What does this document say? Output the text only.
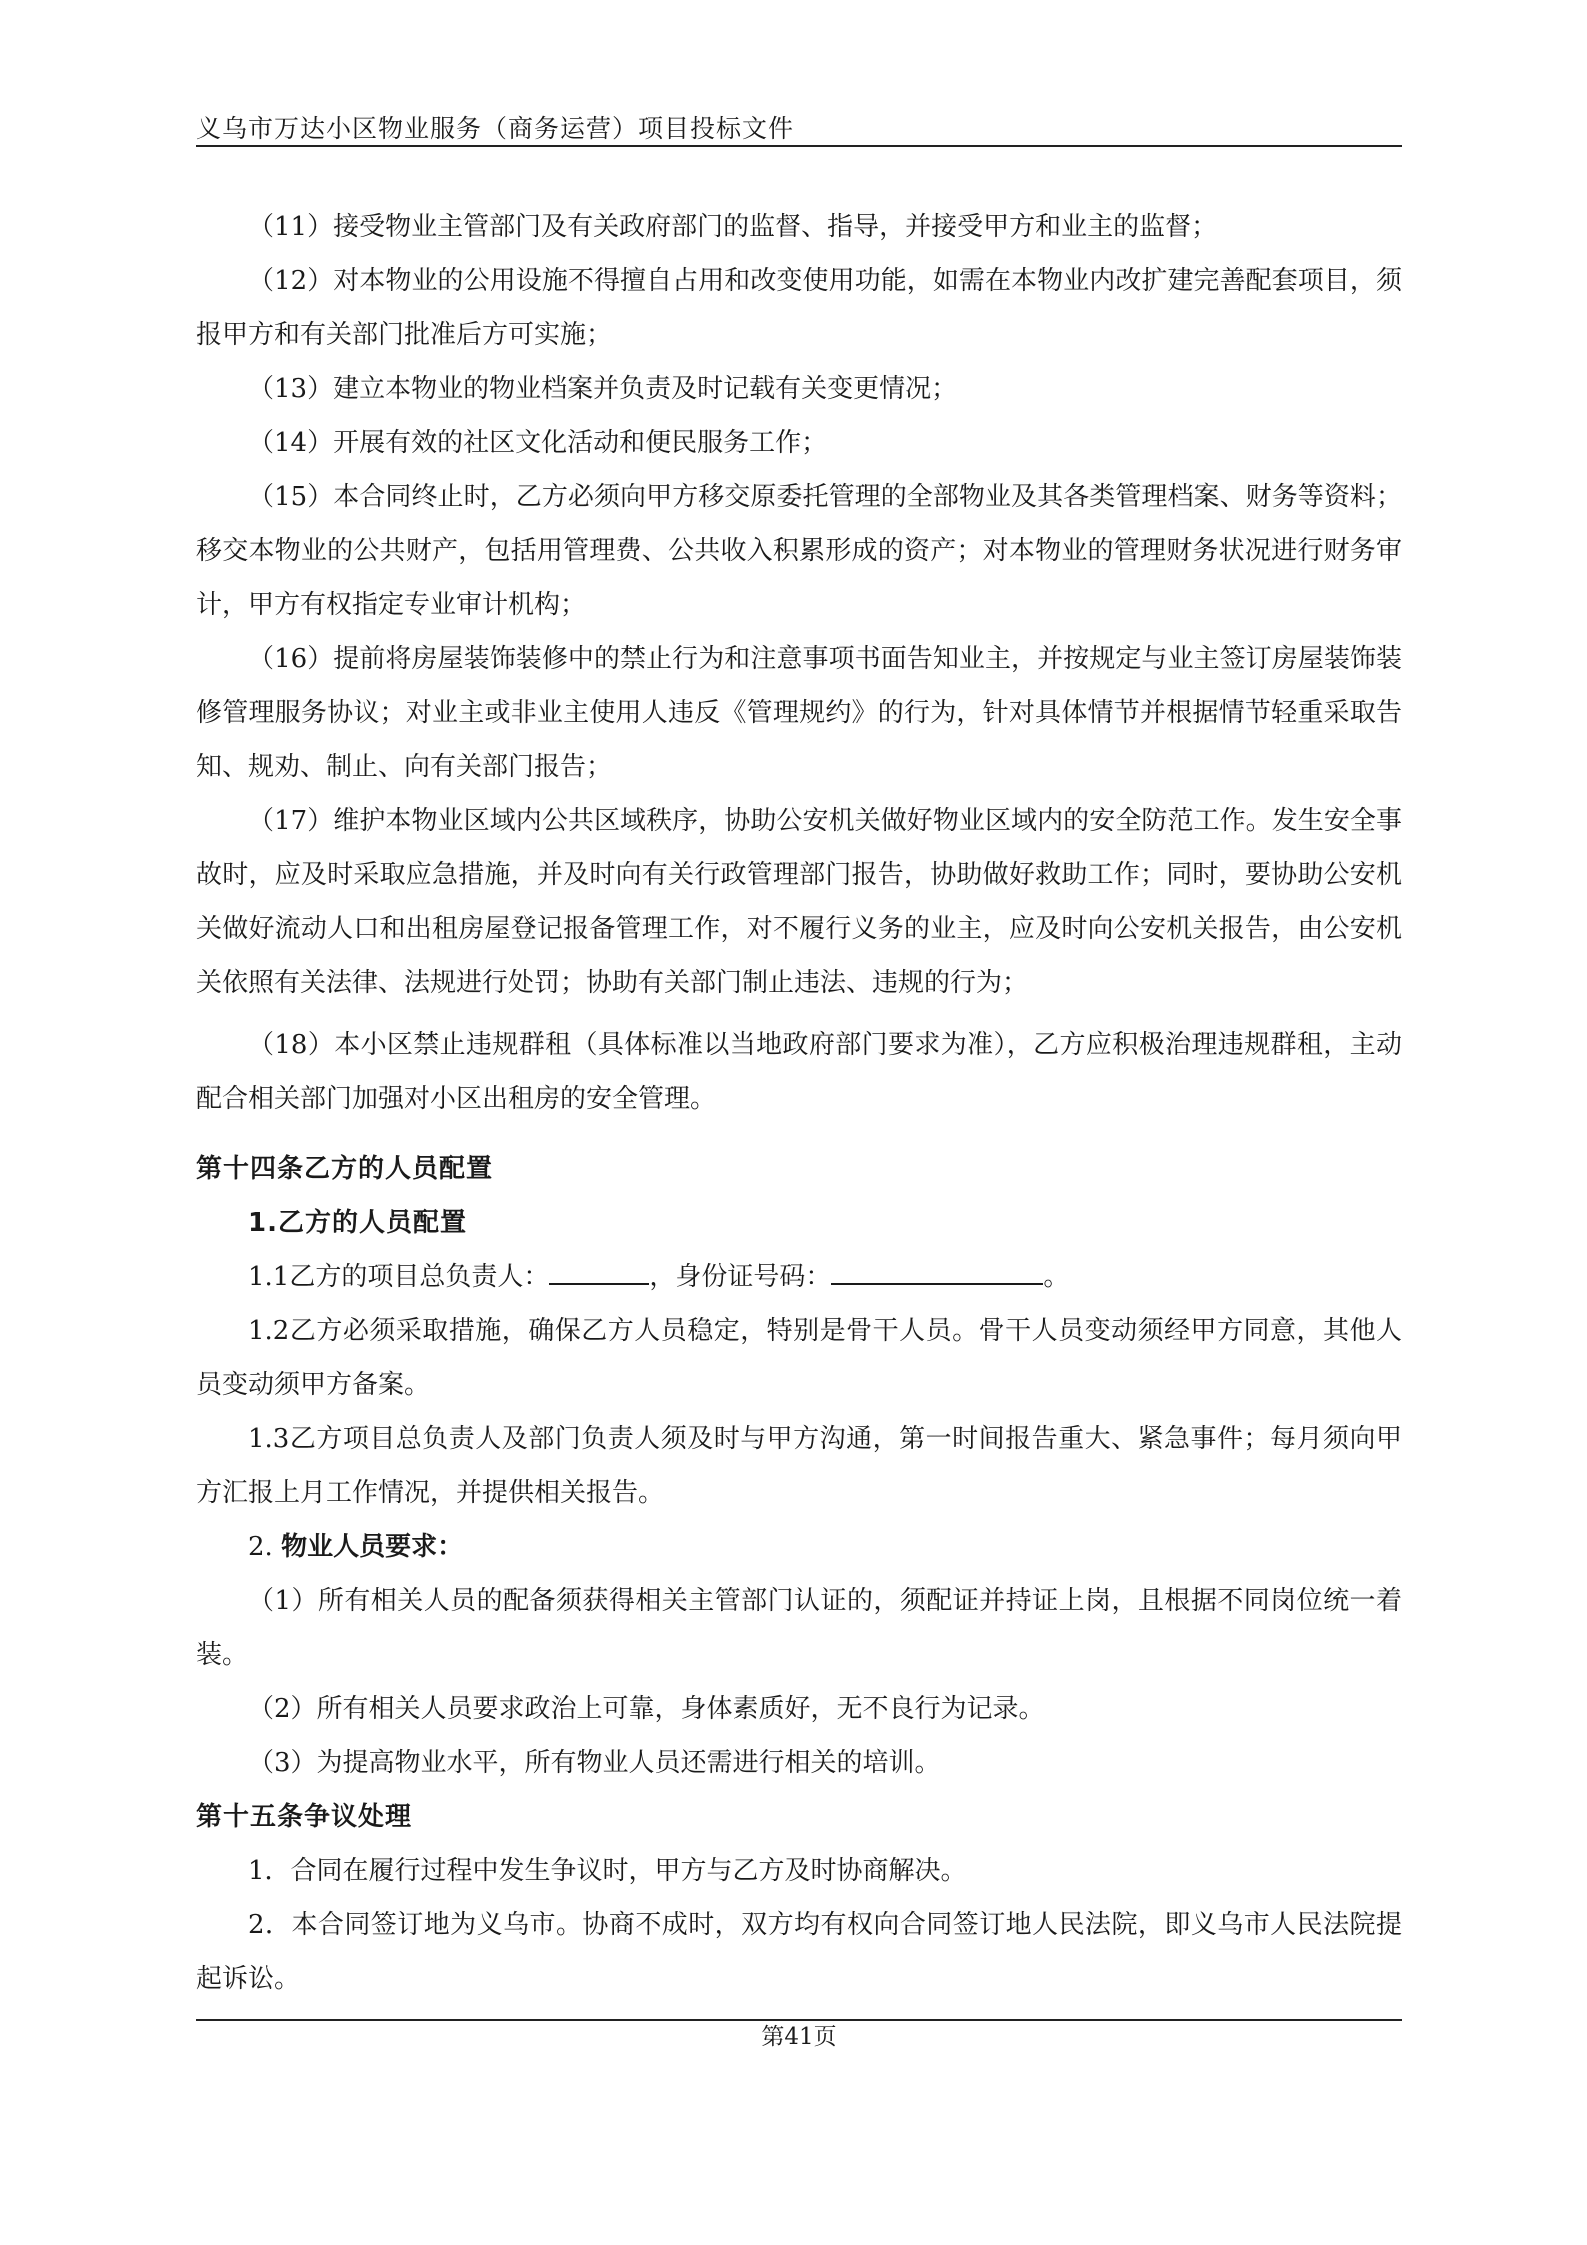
义乌市万达小区物业服务（商务运营）项目投标文件

（11）接受物业主管部门及有关政府部门的监督、指导，并接受甲方和业主的监督；

（12）对本物业的公用设施不得擅自占用和改变使用功能，如需在本物业内改扩建完善配套项目，须报甲方和有关部门批准后方可实施；

（13）建立本物业的物业档案并负责及时记载有关变更情况；

（14）开展有效的社区文化活动和便民服务工作；

（15）本合同终止时，乙方必须向甲方移交原委托管理的全部物业及其各类管理档案、财务等资料；移交本物业的公共财产，包括用管理费、公共收入积累形成的资产；对本物业的管理财务状况进行财务审计，甲方有权指定专业审计机构；

（16）提前将房屋装饰装修中的禁止行为和注意事项书面告知业主，并按规定与业主签订房屋装饰装修管理服务协议；对业主或非业主使用人违反《管理规约》的行为，针对具体情节并根据情节轻重采取告知、规劝、制止、向有关部门报告；

（17）维护本物业区域内公共区域秩序，协助公安机关做好物业区域内的安全防范工作。发生安全事故时，应及时采取应急措施，并及时向有关行政管理部门报告，协助做好救助工作；同时，要协助公安机关做好流动人口和出租房屋登记报备管理工作，对不履行义务的业主，应及时向公安机关报告，由公安机关依照有关法律、法规进行处罚；协助有关部门制止违法、违规的行为；

（18）本小区禁止违规群租（具体标准以当地政府部门要求为准），乙方应积极治理违规群租，主动配合相关部门加强对小区出租房的安全管理。

第十四条乙方的人员配置

1.乙方的人员配置

1.1乙方的项目总负责人：	，身份证号码：	。

1.2乙方必须采取措施，确保乙方人员稳定，特别是骨干人员。骨干人员变动须经甲方同意，其他人员变动须甲方备案。

1.3乙方项目总负责人及部门负责人须及时与甲方沟通，第一时间报告重大、紧急事件；每月须向甲方汇报上月工作情况，并提供相关报告。

2. 物业人员要求：

（1）所有相关人员的配备须获得相关主管部门认证的，须配证并持证上岗，且根据不同岗位统一着装。

（2）所有相关人员要求政治上可靠，身体素质好，无不良行为记录。

（3）为提高物业水平，所有物业人员还需进行相关的培训。

第十五条争议处理

1．合同在履行过程中发生争议时，甲方与乙方及时协商解决。

2．本合同签订地为义乌市。协商不成时，双方均有权向合同签订地人民法院，即义乌市人民法院提起诉讼。

第41页
